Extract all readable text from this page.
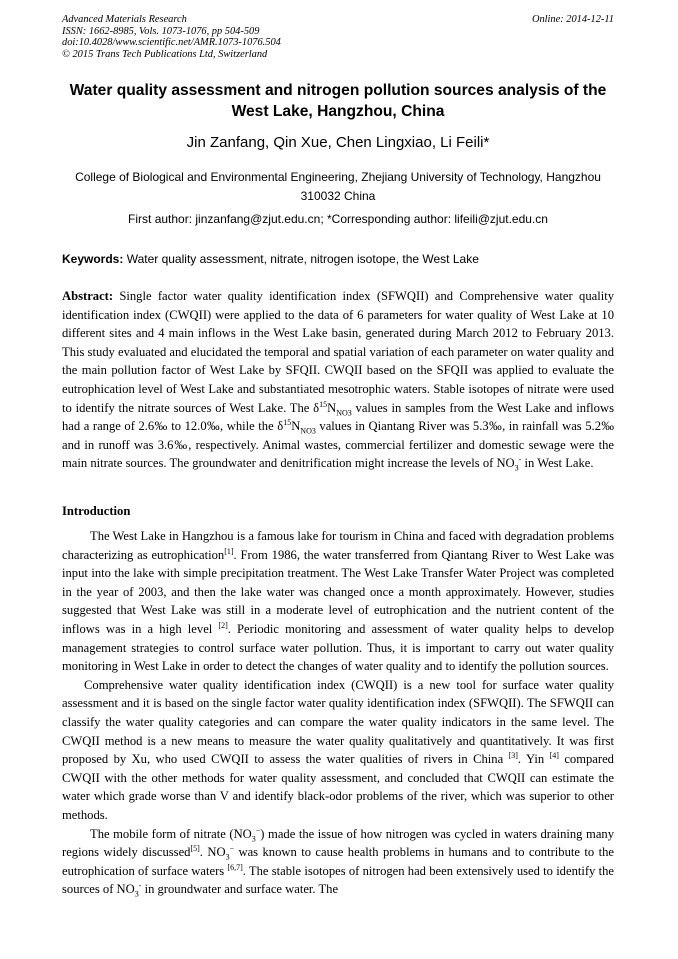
Advanced Materials Research
ISSN: 1662-8985, Vols. 1073-1076, pp 504-509
doi:10.4028/www.scientific.net/AMR.1073-1076.504
© 2015 Trans Tech Publications Ltd, Switzerland
Online: 2014-12-11
Water quality assessment and nitrogen pollution sources analysis of the West Lake, Hangzhou, China
Jin Zanfang, Qin Xue, Chen Lingxiao, Li Feili*
College of Biological and Environmental Engineering, Zhejiang University of Technology, Hangzhou 310032 China
First author: jinzanfang@zjut.edu.cn; *Corresponding author: lifeili@zjut.edu.cn
Keywords: Water quality assessment, nitrate, nitrogen isotope, the West Lake

Abstract: Single factor water quality identification index (SFWQII) and Comprehensive water quality identification index (CWQII) were applied to the data of 6 parameters for water quality of West Lake at 10 different sites and 4 main inflows in the West Lake basin, generated during March 2012 to February 2013. This study evaluated and elucidated the temporal and spatial variation of each parameter on water quality and the main pollution factor of West Lake by SFQII. CWQII based on the SFQII was applied to evaluate the eutrophication level of West Lake and substantiated mesotrophic waters. Stable isotopes of nitrate were used to identify the nitrate sources of West Lake. The $\delta^{15}N_{NO3}$ values in samples from the West Lake and inflows had a range of 2.6‰ to 12.0‰, while the $\delta^{15}N_{NO3}$ values in Qiantang River was 5.3‰, in rainfall was 5.2‰ and in runoff was 3.6‰, respectively. Animal wastes, commercial fertilizer and domestic sewage were the main nitrate sources. The groundwater and denitrification might increase the levels of $NO_3^-$ in West Lake.

Introduction

The West Lake in Hangzhou is a famous lake for tourism in China and faced with degradation problems characterizing as eutrophication[1]. From 1986, the water transferred from Qiantang River to West Lake was input into the lake with simple precipitation treatment. The West Lake Transfer Water Project was completed in the year of 2003, and then the lake water was changed once a month approximately. However, studies suggested that West Lake was still in a moderate level of eutrophication and the nutrient content of the inflows was in a high level [2]. Periodic monitoring and assessment of water quality helps to develop management strategies to control surface water pollution. Thus, it is important to carry out water quality monitoring in West Lake in order to detect the changes of water quality and to identify the pollution sources.

Comprehensive water quality identification index (CWQII) is a new tool for surface water quality assessment and it is based on the single factor water quality identification index (SFWQII). The SFWQII can classify the water quality categories and can compare the water quality indicators in the same level. The CWQII method is a new means to measure the water quality qualitatively and quantitatively. It was first proposed by Xu, who used CWQII to assess the water qualities of rivers in China [3]. Yin [4] compared CWQII with the other methods for water quality assessment, and concluded that CWQII can estimate the water which grade worse than V and identify black-odor problems of the river, which was superior to other methods.

The mobile form of nitrate $(NO_3^-)$ made the issue of how nitrogen was cycled in waters draining many regions widely discussed[5]. $NO_3^-$ was known to cause health problems in humans and to contribute to the eutrophication of surface waters [6,7]. The stable isotopes of nitrogen had been extensively used to identify the sources of $NO_3^-$ in groundwater and surface water. The
